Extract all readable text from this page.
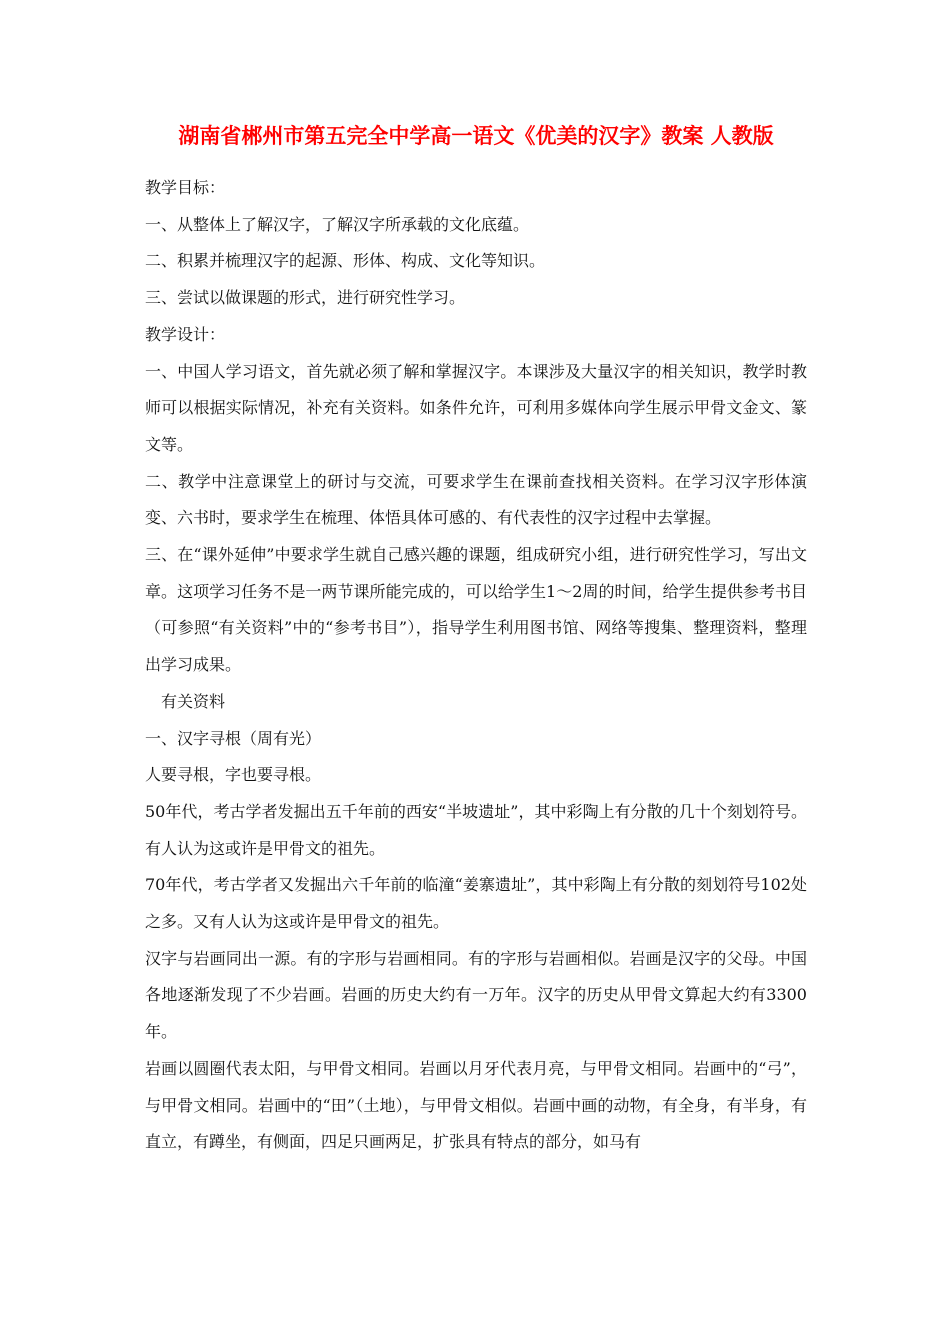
湖南省郴州市第五完全中学高一语文《优美的汉字》教案 人教版

教学目标：

一、从整体上了解汉字，了解汉字所承载的文化底蕴。

二、积累并梳理汉字的起源、形体、构成、文化等知识。

三、尝试以做课题的形式，进行研究性学习。

教学设计：

一、中国人学习语文，首先就必须了解和掌握汉字。本课涉及大量汉字的相关知识，教学时教师可以根据实际情况，补充有关资料。如条件允许，可利用多媒体向学生展示甲骨文金文、篆文等。

二、教学中注意课堂上的研讨与交流，可要求学生在课前查找相关资料。在学习汉字形体演变、六书时，要求学生在梳理、体悟具体可感的、有代表性的汉字过程中去掌握。

三、在“课外延伸”中要求学生就自己感兴趣的课题，组成研究小组，进行研究性学习，写出文章。这项学习任务不是一两节课所能完成的，可以给学生1～2周的时间，给学生提供参考书目（可参照“有关资料”中的“参考书目”），指导学生利用图书馆、网络等搜集、整理资料，整理出学习成果。

有关资料

一、汉字寻根（周有光）

人要寻根，字也要寻根。

50年代，考古学者发掘出五千年前的西安“半坡遗址”，其中彩陶上有分散的几十个刻划符号。有人认为这或许是甲骨文的祖先。

70年代，考古学者又发掘出六千年前的临潼“姜寨遗址”，其中彩陶上有分散的刻划符号102处之多。又有人认为这或许是甲骨文的祖先。

汉字与岩画同出一源。有的字形与岩画相同。有的字形与岩画相似。岩画是汉字的父母。中国各地逐渐发现了不少岩画。岩画的历史大约有一万年。汉字的历史从甲骨文算起大约有3300年。

岩画以圆圈代表太阳，与甲骨文相同。岩画以月牙代表月亮，与甲骨文相同。岩画中的“弓”，与甲骨文相同。岩画中的“田”（土地），与甲骨文相似。岩画中画的动物，有全身，有半身，有直立，有蹲坐，有侧面，四足只画两足，扩张具有特点的部分，如马有
